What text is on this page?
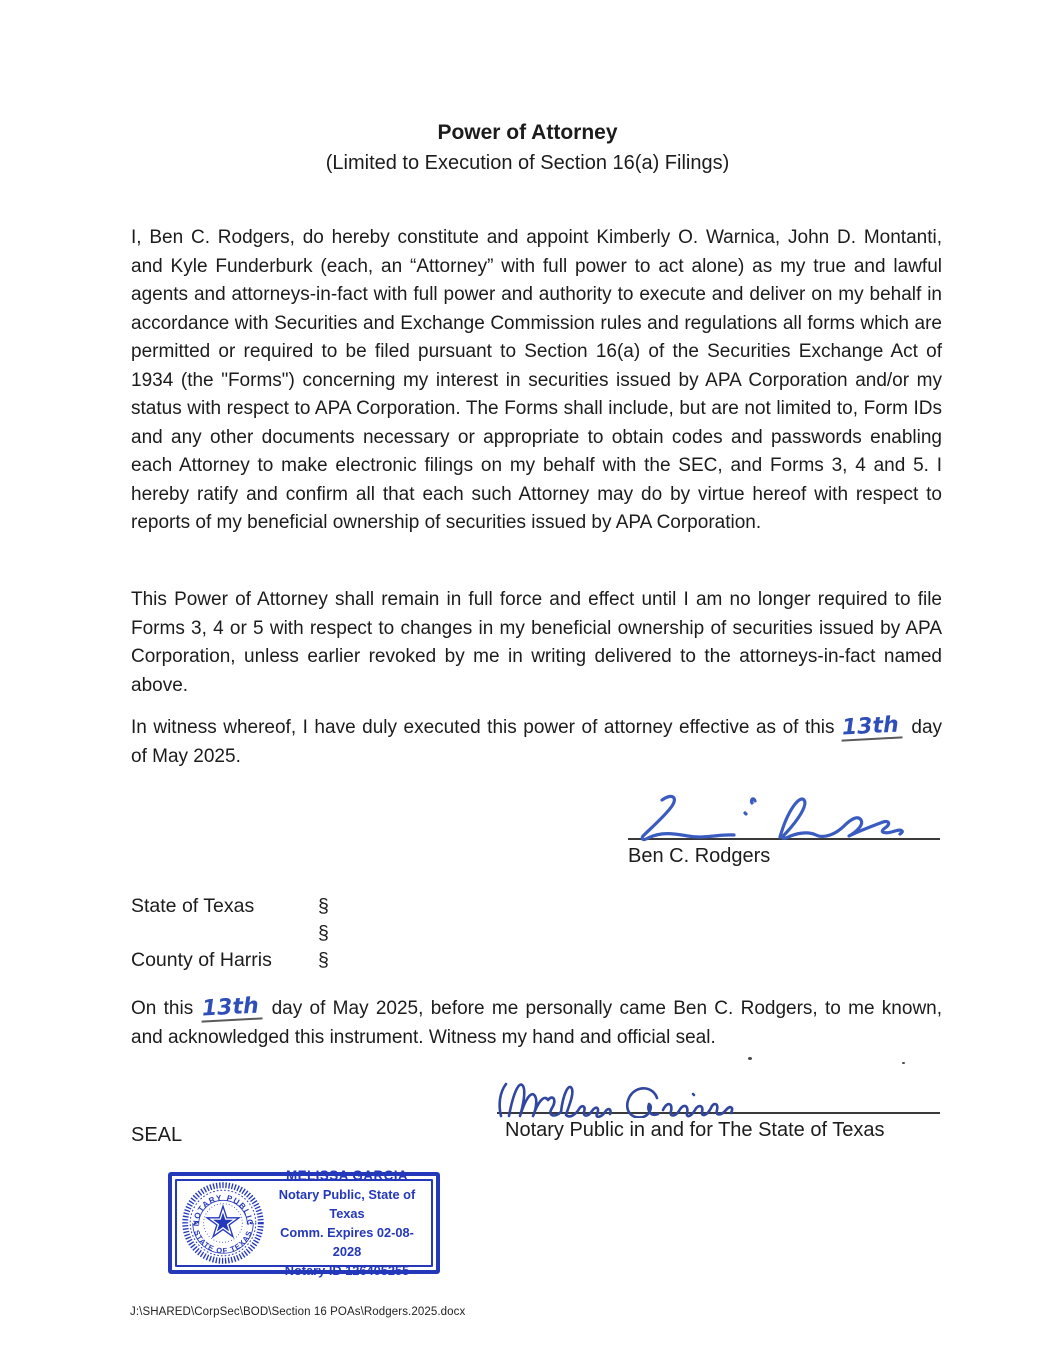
Power of Attorney
(Limited to Execution of Section 16(a) Filings)

I, Ben C. Rodgers, do hereby constitute and appoint Kimberly O. Warnica, John D. Montanti, and Kyle Funderburk (each, an “Attorney” with full power to act alone) as my true and lawful agents and attorneys-in-fact with full power and authority to execute and deliver on my behalf in accordance with Securities and Exchange Commission rules and regulations all forms which are permitted or required to be filed pursuant to Section 16(a) of the Securities Exchange Act of 1934 (the "Forms") concerning my interest in securities issued by APA Corporation and/or my status with respect to APA Corporation. The Forms shall include, but are not limited to, Form IDs and any other documents necessary or appropriate to obtain codes and passwords enabling each Attorney to make electronic filings on my behalf with the SEC, and Forms 3, 4 and 5. I hereby ratify and confirm all that each such Attorney may do by virtue hereof with respect to reports of my beneficial ownership of securities issued by APA Corporation.

This Power of Attorney shall remain in full force and effect until I am no longer required to file Forms 3, 4 or 5 with respect to changes in my beneficial ownership of securities issued by APA Corporation, unless earlier revoked by me in writing delivered to the attorneys-in-fact named above.

In witness whereof, I have duly executed this power of attorney effective as of this 13th day of May 2025.

Ben C. Rodgers
State of Texas	§
§
County of Harris §

On this 13th day of May 2025, before me personally came Ben C. Rodgers, to me known, and acknowledged this instrument. Witness my hand and official seal.

Notary Public in and for The State of Texas
SEAL
NOTARY PUBLIC
STATE OF TEXAS
MELISSA GARCIA
Notary Public, State of Texas
Comm. Expires 02-08-2028
Notary ID 126405255
J:\SHARED\CorpSec\BOD\Section 16 POAs\Rodgers.2025.docx
